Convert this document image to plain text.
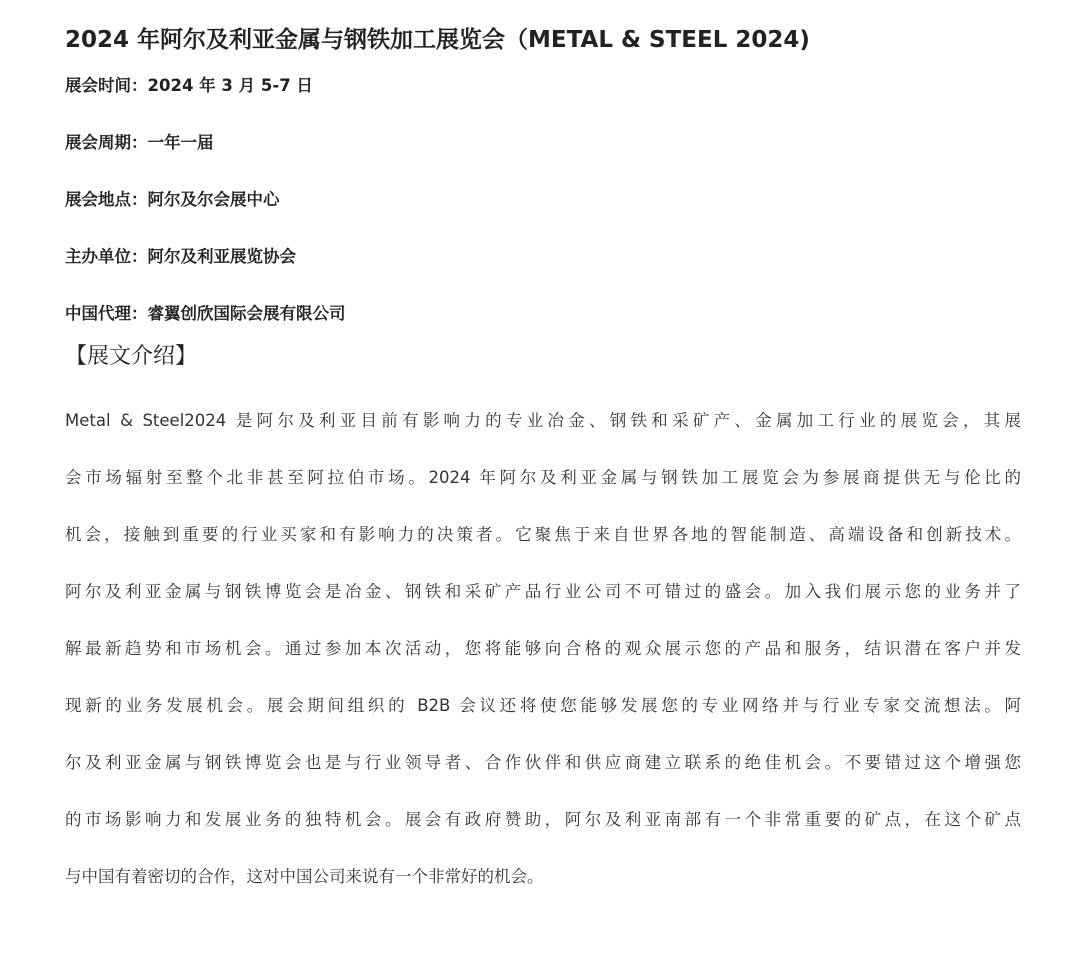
2024 年阿尔及利亚金属与钢铁加工展览会（METAL & STEEL 2024)
展会时间：2024 年 3 月 5-7 日
展会周期：一年一届
展会地点：阿尔及尔会展中心
主办单位：阿尔及利亚展览协会
中国代理：睿翼创欣国际会展有限公司
【展文介绍】
Metal & Steel2024 是阿尔及利亚目前有影响力的专业冶金、钢铁和采矿产、金属加工行业的展览会，其展
会市场辐射至整个北非甚至阿拉伯市场。2024 年阿尔及利亚金属与钢铁加工展览会为参展商提供无与伦比的
机会，接触到重要的行业买家和有影响力的决策者。它聚焦于来自世界各地的智能制造、高端设备和创新技术。
阿尔及利亚金属与钢铁博览会是冶金、钢铁和采矿产品行业公司不可错过的盛会。加入我们展示您的业务并了
解最新趋势和市场机会。通过参加本次活动，您将能够向合格的观众展示您的产品和服务，结识潜在客户并发
现新的业务发展机会。展会期间组织的 B2B 会议还将使您能够发展您的专业网络并与行业专家交流想法。阿
尔及利亚金属与钢铁博览会也是与行业领导者、合作伙伴和供应商建立联系的绝佳机会。不要错过这个增强您
的市场影响力和发展业务的独特机会。展会有政府赞助，阿尔及利亚南部有一个非常重要的矿点，在这个矿点
与中国有着密切的合作，这对中国公司来说有一个非常好的机会。
